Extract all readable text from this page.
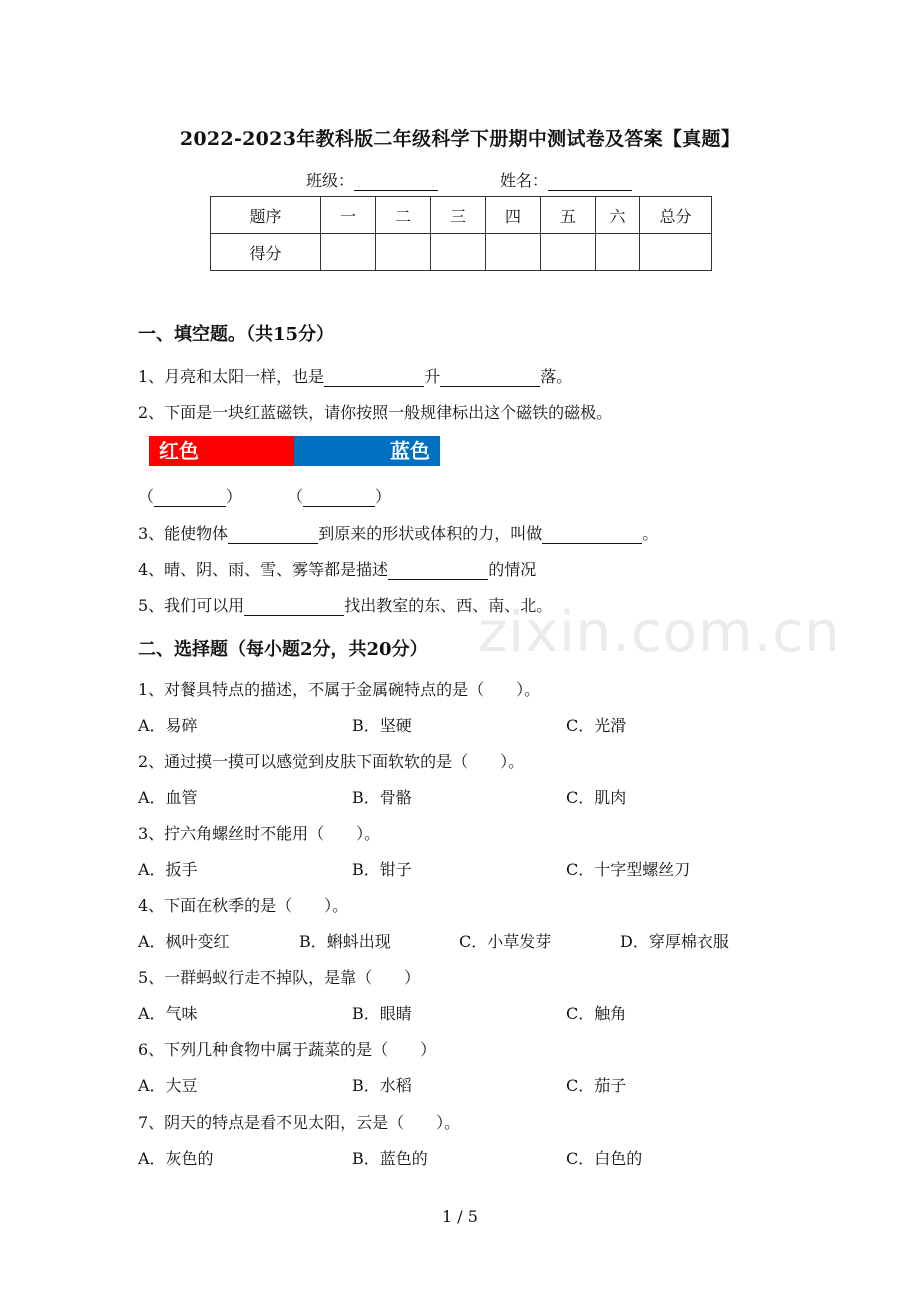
2022-2023年教科版二年级科学下册期中测试卷及答案【真题】
班级：	姓名：
题序	一	二	三	四	五	六	总分
得分							
一、填空题。（共15分）
1、月亮和太阳一样，也是	升	落。
2、下面是一块红蓝磁铁，请你按照一般规律标出这个磁铁的磁极。
红色	蓝色
（	）	（	）
3、能使物体	到原来的形状或体积的力，叫做	。
4、晴、阴、雨、雪、雾等都是描述	的情况
5、我们可以用	找出教室的东、西、南、北。
zixin.com.cn
二、选择题（每小题2分，共20分）
1、对餐具特点的描述，不属于金属碗特点的是（　　）。
A．易碎	B．坚硬	C．光滑
2、通过摸一摸可以感觉到皮肤下面软软的是（　　）。
A．血管	B．骨骼	C．肌肉
3、拧六角螺丝时不能用（　　）。
A．扳手	B．钳子	C．十字型螺丝刀
4、下面在秋季的是（　　）。
A．枫叶变红	B．蝌蚪出现	C．小草发芽	D．穿厚棉衣服
5、一群蚂蚁行走不掉队，是靠（　　）
A．气味	B．眼睛	C．触角
6、下列几种食物中属于蔬菜的是（　　）
A．大豆	B．水稻	C．茄子
7、阴天的特点是看不见太阳，云是（　　）。
A．灰色的	B．蓝色的	C．白色的
1 / 5
